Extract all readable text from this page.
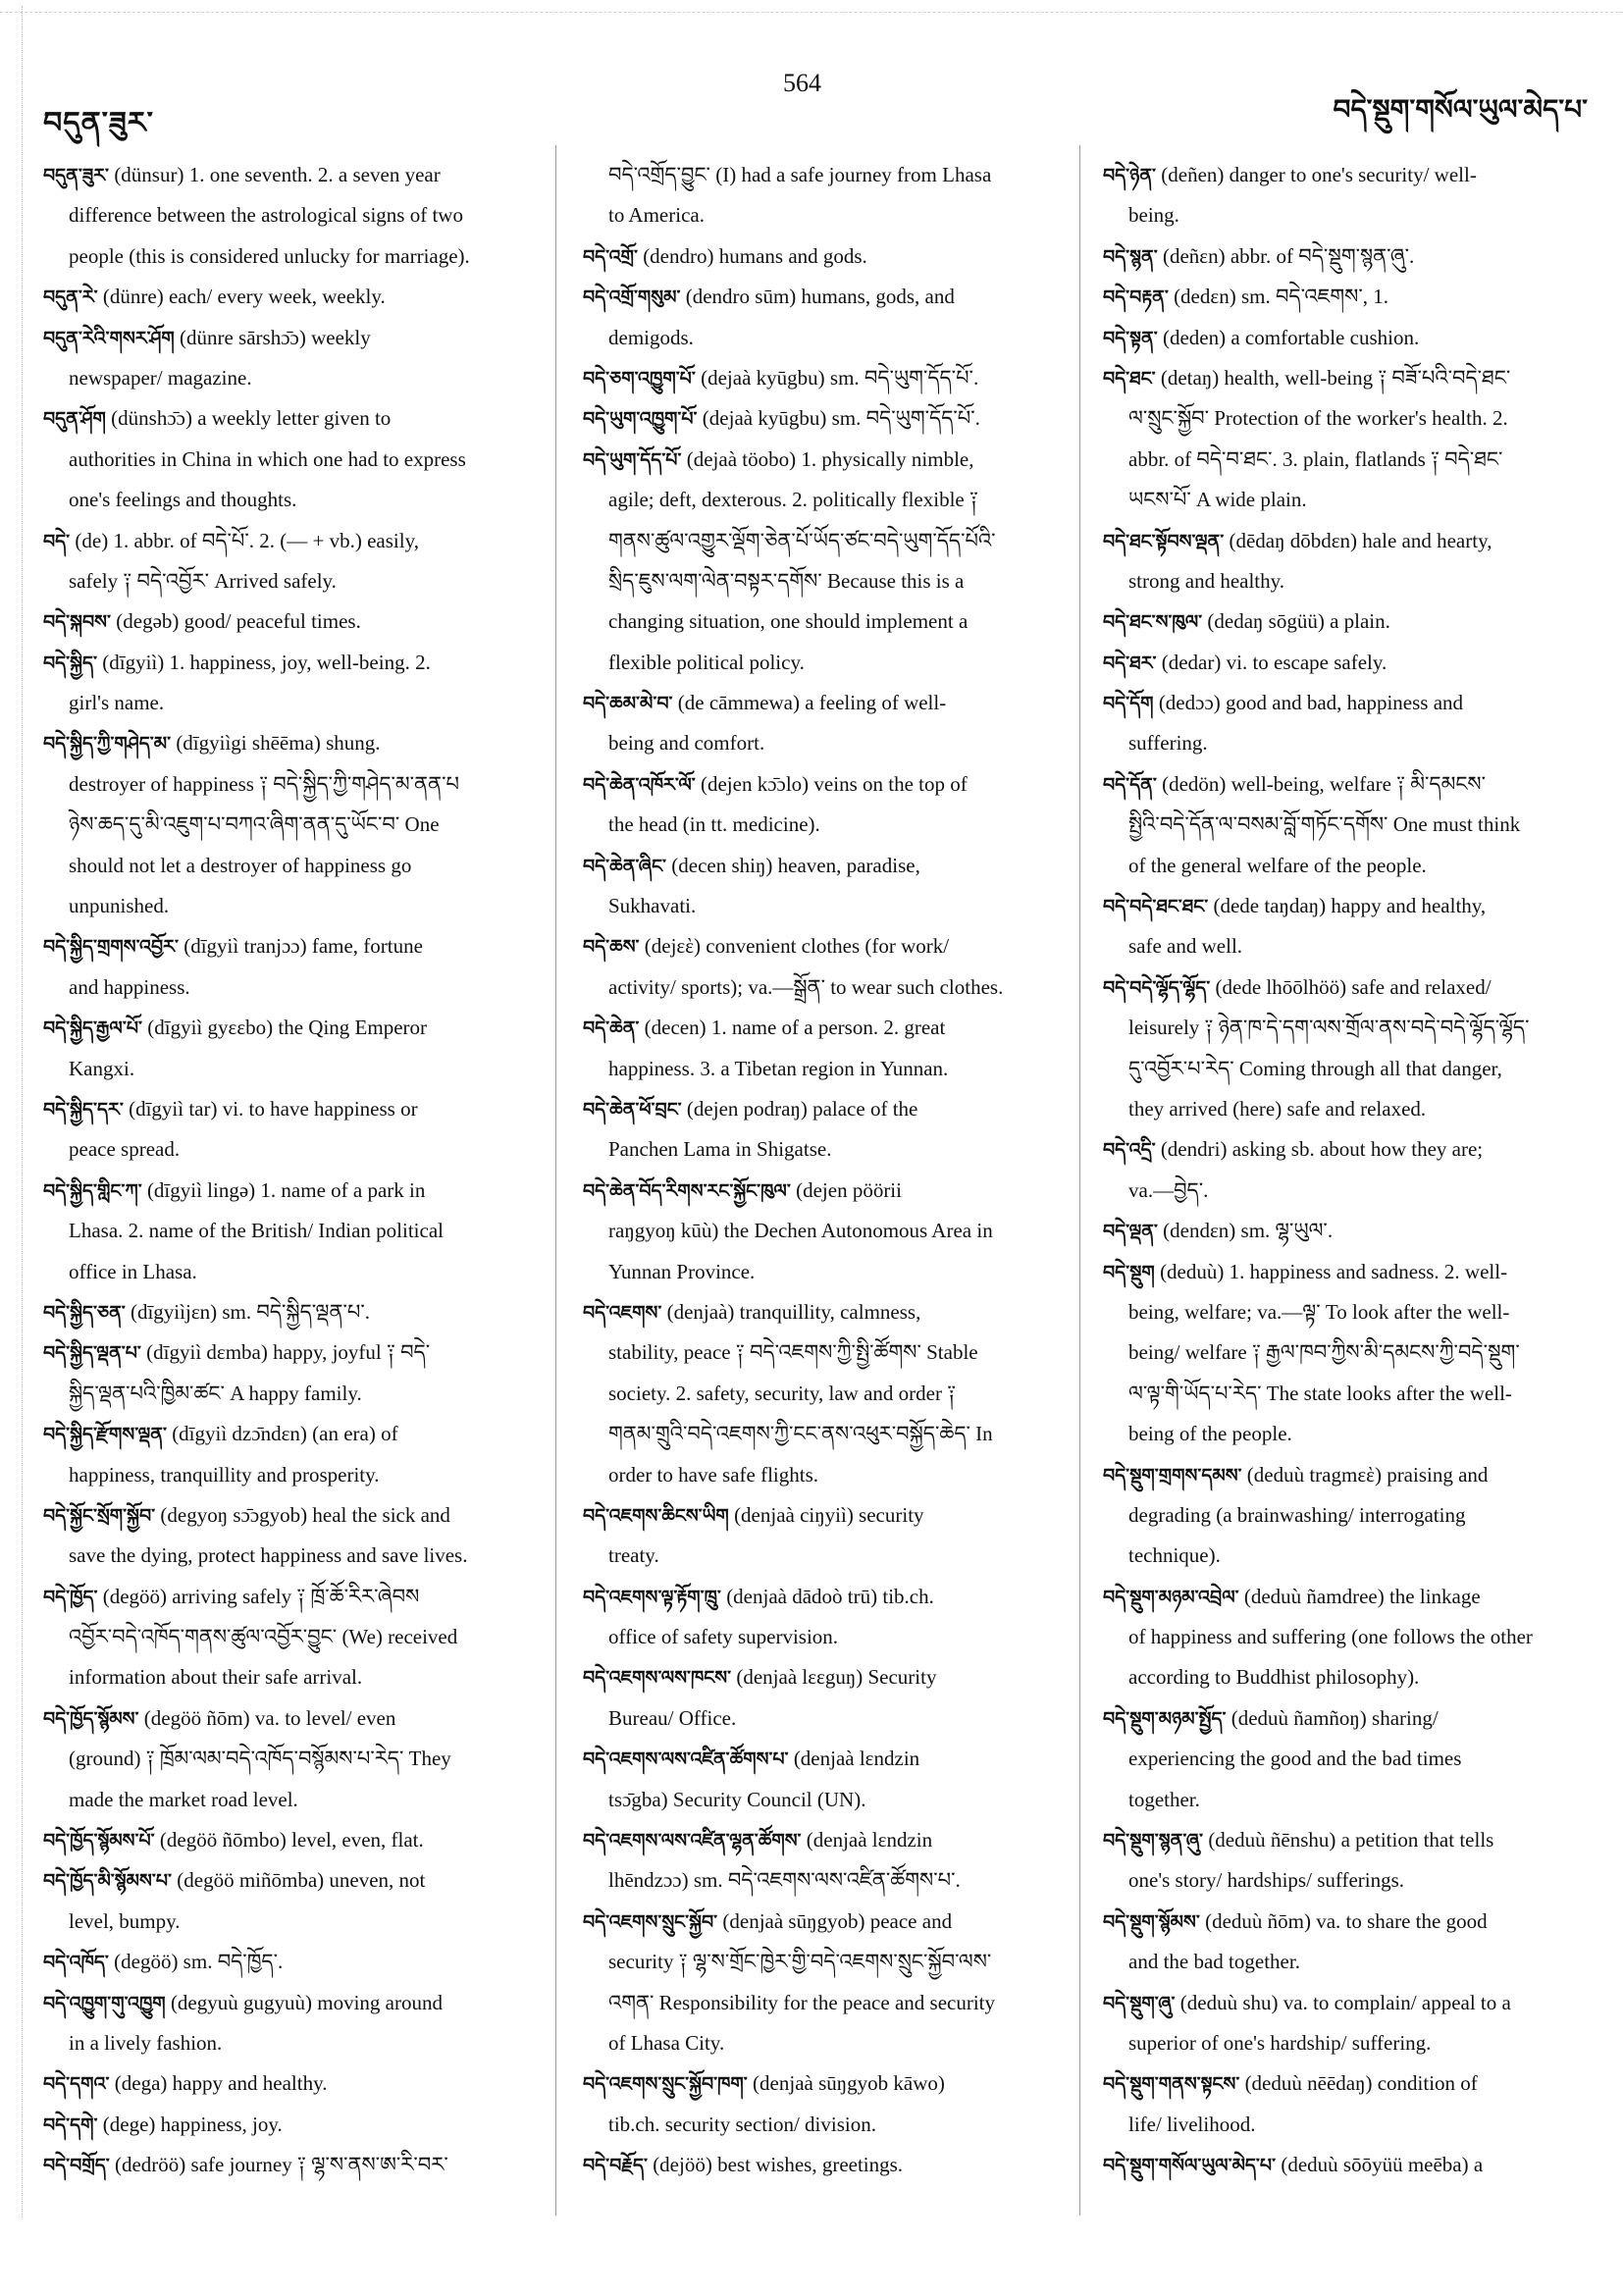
བདུན་ཟུར་
564
བདེ་སྡུག་གསོལ་ཡུལ་མེད་པ་
བདུན་ཟུར་ (dünsur) 1. one seventh. 2. a seven year
difference between the astrological signs of two
people (this is considered unlucky for marriage).
བདུན་རེ་ (dünre) each/ every week, weekly.
བདུན་རེའི་གསར་ཤོག (dünre sārshɔ̄ɔ) weekly
newspaper/ magazine.
བདུན་ཤོག (dünshɔ̄ɔ) a weekly letter given to
authorities in China in which one had to express
one's feelings and thoughts.
བདེ་ (de) 1. abbr. of བདེ་པོ་. 2. (— + vb.) easily,
safely ༑ བདེ་འབྱོར་ Arrived safely.
བདེ་སྐབས་ (degəb) good/ peaceful times.
བདེ་སྐྱིད་ (dīgyiì) 1. happiness, joy, well-being. 2.
girl's name.
བདེ་སྐྱིད་ཀྱི་གཤེད་མ་ (dīgyiìgi shēēma) shung.
destroyer of happiness ༑ བདེ་སྐྱིད་ཀྱི་གཤེད་མ་ནན་པ
ཉེས་ཆད་དུ་མི་འཇུག་པ་བཀའ་ཞིག་ནན་དུ་ཡོང་བ་ One
should not let a destroyer of happiness go
unpunished.
བདེ་སྐྱིད་གྲགས་འབྱོར་ (dīgyiì tranjɔɔ) fame, fortune
and happiness.
བདེ་སྐྱིད་རྒྱལ་པོ་ (dīgyiì gyεεbo) the Qing Emperor
Kangxi.
བདེ་སྐྱིད་དར་ (dīgyiì tar) vi. to have happiness or
peace spread.
བདེ་སྐྱིད་གླིང་ཀ་ (dīgyiì lingə) 1. name of a park in
Lhasa. 2. name of the British/ Indian political
office in Lhasa.
བདེ་སྐྱིད་ཅན་ (dīgyiìjεn) sm. བདེ་སྐྱིད་ལྡན་པ་.
བདེ་སྐྱིད་ལྡན་པ་ (dīgyiì dεmba) happy, joyful ༑ བདེ་
སྐྱིད་ལྡན་པའི་ཁྱིམ་ཚང་ A happy family.
བདེ་སྐྱིད་རྫོགས་ལྡན་ (dīgyiì dzɔ̄ndεn) (an era) of
happiness, tranquillity and prosperity.
བདེ་སྐྱོང་སྲོག་སྐྱོབ་ (degyoŋ sɔ̄ɔgyob) heal the sick and
save the dying, protect happiness and save lives.
བདེ་ཁྱོད་ (degöö) arriving safely ༑ ཁྲོ་ཆོ་རིར་ཞེབས
འབྱོར་བདེ་འཁོད་གནས་ཚུལ་འབྱོར་བྱུང་ (We) received
information about their safe arrival.
བདེ་ཁྱོད་སྙོམས་ (degöö ñōm) va. to level/ even
(ground) ༑ ཁྲོམ་ལམ་བདེ་འཁོད་བསྙོམས་པ་རེད་ They
made the market road level.
བདེ་ཁྱོད་སྙོམས་པོ་ (degöö ñōmbo) level, even, flat.
བདེ་ཁྱོད་མི་སྙོམས་པ་ (degöö miñōmba) uneven, not
level, bumpy.
བདེ་འཁོད་ (degöö) sm. བདེ་ཁྱོད་.
བདེ་འཁྱུག་གུ་འཁྱུག (degyuù gugyuù) moving around
in a lively fashion.
བདེ་དགའ་ (dega) happy and healthy.
བདེ་དགེ་ (dege) happiness, joy.
བདེ་བགྲོད་ (dedröö) safe journey ༑ ལྷ་ས་ནས་ཨ་རི་བར་
བདེ་འགྲོད་བྱུང་ (I) had a safe journey from Lhasa
to America.
བདེ་འགྲོ་ (dendro) humans and gods.
བདེ་འགྲོ་གསུམ་ (dendro sūm) humans, gods, and
demigods.
བདེ་ཅག་འཁྱུག་པོ་ (dejaà kyūgbu) sm. བདེ་ཡུག་དོད་པོ་.
བདེ་ཡུག་འཁྱུག་པོ་ (dejaà kyūgbu) sm. བདེ་ཡུག་དོད་པོ་.
བདེ་ཡུག་དོད་པོ་ (dejaà töobo) 1. physically nimble,
agile; deft, dexterous. 2. politically flexible ༑
གནས་ཚུལ་འགྱུར་ལྡོག་ཅེན་པོ་ཡོད་ཙང་བདེ་ཡུག་དོད་པོའི་
སྲིད་ཇུས་ལག་ལེན་བསྟར་དགོས་ Because this is a
changing situation, one should implement a
flexible political policy.
བདེ་ཆམ་མེ་བ་ (de cāmmewa) a feeling of well-
being and comfort.
བདེ་ཆེན་འཁོར་ལོ་ (dejen kɔ̄ɔlo) veins on the top of
the head (in tt. medicine).
བདེ་ཆེན་ཞིང་ (decen shiŋ) heaven, paradise,
Sukhavati.
བདེ་ཆས་ (dejεὲ) convenient clothes (for work/
activity/ sports); va.—སྒྲོན་ to wear such clothes.
བདེ་ཆེན་ (decen) 1. name of a person. 2. great
happiness. 3. a Tibetan region in Yunnan.
བདེ་ཆེན་ཕོ་བྲང་ (dejen podraŋ) palace of the
Panchen Lama in Shigatse.
བདེ་ཆེན་བོད་རིགས་རང་སྐྱོང་ཁུལ་ (dejen pöörii
raŋgyoŋ kūù) the Dechen Autonomous Area in
Yunnan Province.
བདེ་འཇགས་ (denjaà) tranquillity, calmness,
stability, peace ༑ བདེ་འཇགས་ཀྱི་སྤྱི་ཚོགས་ Stable
society. 2. safety, security, law and order ༑
གནམ་གྲུའི་བདེ་འཇགས་ཀྱི་ངང་ནས་འཕུར་བསྐྱོད་ཆེད་ In
order to have safe flights.
བདེ་འཇགས་ཆིངས་ཡིག (denjaà ciŋyiì) security
treaty.
བདེ་འཇགས་ལྟ་རྟོག་ཁྲུ་ (denjaà dādoò trū) tib.ch.
office of safety supervision.
བདེ་འཇགས་ལས་ཁངས་ (denjaà lεεguŋ) Security
Bureau/ Office.
བདེ་འཇགས་ལས་འཛིན་ཚོགས་པ་ (denjaà lεndzin
tsɔ̄gba) Security Council (UN).
བདེ་འཇགས་ལས་འཛིན་ལྷན་ཚོགས་ (denjaà lεndzin
lhēndzɔɔ) sm. བདེ་འཇགས་ལས་འཛིན་ཚོགས་པ་.
བདེ་འཇགས་སྲུང་སྐྱོབ་ (denjaà sūŋgyob) peace and
security ༑ ལྷ་ས་གྲོང་ཁྱེར་གྱི་བདེ་འཇགས་སྲུང་སྐྱོབ་ལས་
འགན་ Responsibility for the peace and security
of Lhasa City.
བདེ་འཇགས་སྲུང་སྐྱོབ་ཁག་ (denjaà sūŋgyob kāwo)
tib.ch. security section/ division.
བདེ་བརྗོད་ (dejöö) best wishes, greetings.
བདེ་ཉེན་ (deñen) danger to one's security/ well-
being.
བདེ་སྙན་ (deñεn) abbr. of བདེ་སྡུག་སྙན་ཞུ་.
བདེ་བརྟན་ (dedεn) sm. བདེ་འཇགས་, 1.
བདེ་སྟན་ (deden) a comfortable cushion.
བདེ་ཐང་ (detaŋ) health, well-being ༑ བཟོ་པའི་བདེ་ཐང་
ལ་སྲུང་སྐྱོབ་ Protection of the worker's health. 2.
abbr. of བདེ་བ་ཐང་. 3. plain, flatlands ༑ བདེ་ཐང་
ཡངས་པོ་ A wide plain.
བདེ་ཐང་སྟོབས་ལྡན་ (dēdaŋ dōbdεn) hale and hearty,
strong and healthy.
བདེ་ཐང་ས་ཁུལ་ (dedaŋ sōgüü) a plain.
བདེ་ཐར་ (dedar) vi. to escape safely.
བདེ་དོག (dedɔɔ) good and bad, happiness and
suffering.
བདེ་དོན་ (dedön) well-being, welfare ༑ མི་དམངས་
སྤྱིའི་བདེ་དོན་ལ་བསམ་བློ་གཏོང་དགོས་ One must think
of the general welfare of the people.
བདེ་བདེ་ཐང་ཐང་ (dede taŋdaŋ) happy and healthy,
safe and well.
བདེ་བདེ་ལྷོད་ལྷོད་ (dede lhōōlhöö) safe and relaxed/
leisurely ༑ ཉེན་ཁ་དེ་དག་ལས་གྲོལ་ནས་བདེ་བདེ་ལྷོད་ལྷོད་
དུ་འབྱོར་པ་རེད་ Coming through all that danger,
they arrived (here) safe and relaxed.
བདེ་འདྲི་ (dendri) asking sb. about how they are;
va.—བྱེད་.
བདེ་ལྡན་ (dendεn) sm. ལྷ་ཡུལ་.
བདེ་སྡུག (deduù) 1. happiness and sadness. 2. well-
being, welfare; va.—ལྟ་ To look after the well-
being/ welfare ༑ རྒྱལ་ཁབ་ཀྱིས་མི་དམངས་ཀྱི་བདེ་སྡུག་
ལ་ལྟ་གི་ཡོད་པ་རེད་ The state looks after the well-
being of the people.
བདེ་སྡུག་གྲགས་དམས་ (deduù tragmεὲ) praising and
degrading (a brainwashing/ interrogating
technique).
བདེ་སྡུག་མཉམ་འབྲེལ་ (deduù ñamdree) the linkage
of happiness and suffering (one follows the other
according to Buddhist philosophy).
བདེ་སྡུག་མཉམ་སྤྱོད་ (deduù ñamñoŋ) sharing/
experiencing the good and the bad times
together.
བདེ་སྡུག་སྙན་ཞུ་ (deduù ñēnshu) a petition that tells
one's story/ hardships/ sufferings.
བདེ་སྡུག་སྙོམས་ (deduù ñōm) va. to share the good
and the bad together.
བདེ་སྡུག་ཞུ་ (deduù shu) va. to complain/ appeal to a
superior of one's hardship/ suffering.
བདེ་སྡུག་གནས་སྟངས་ (deduù nēēdaŋ) condition of
life/ livelihood.
བདེ་སྡུག་གསོལ་ཡུལ་མེད་པ་ (deduù sōōyüü meēba) a
